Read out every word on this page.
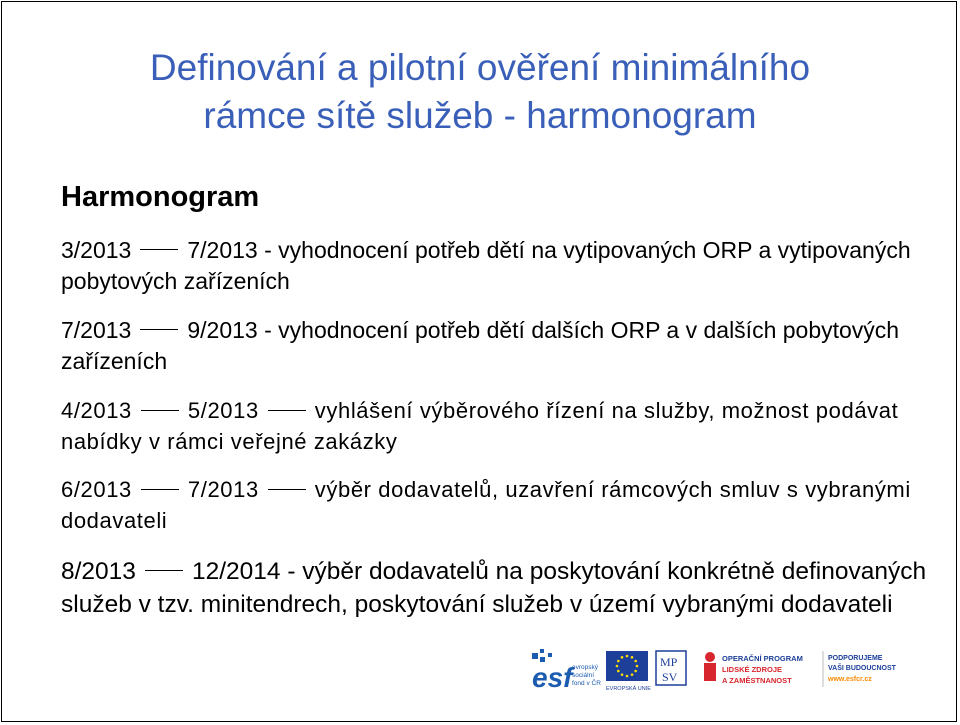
Definování a pilotní ověření minimálního
rámce sítě služeb - harmonogram
Harmonogram
3/2013 7/2013 - vyhodnocení potřeb dětí na vytipovaných ORP a vytipovaných pobytových zařízeních
7/2013 9/2013 - vyhodnocení potřeb dětí dalších ORP a v dalších pobytových zařízeních
4/2013	5/2013	vyhlášení výběrového řízení na služby, možnost podávat nabídky v rámci veřejné zakázky
6/2013	7/2013	výběr dodavatelů, uzavření rámcových smluv s vybranými dodavateli
8/2013 12/2014 - výběr dodavatelů na poskytování konkrétně definovaných služeb v tzv. minitendrech, poskytování služeb v území vybranými dodavateli
esf evropský
sociální
fond v ČR
EVROPSKÁ UNIE
MP
SV
OPERAČNÍ PROGRAM
LIDSKÉ ZDROJE
A ZAMĚSTNANOST
PODPORUJEME
VAŠI BUDOUCNOST
www.esfcr.cz
